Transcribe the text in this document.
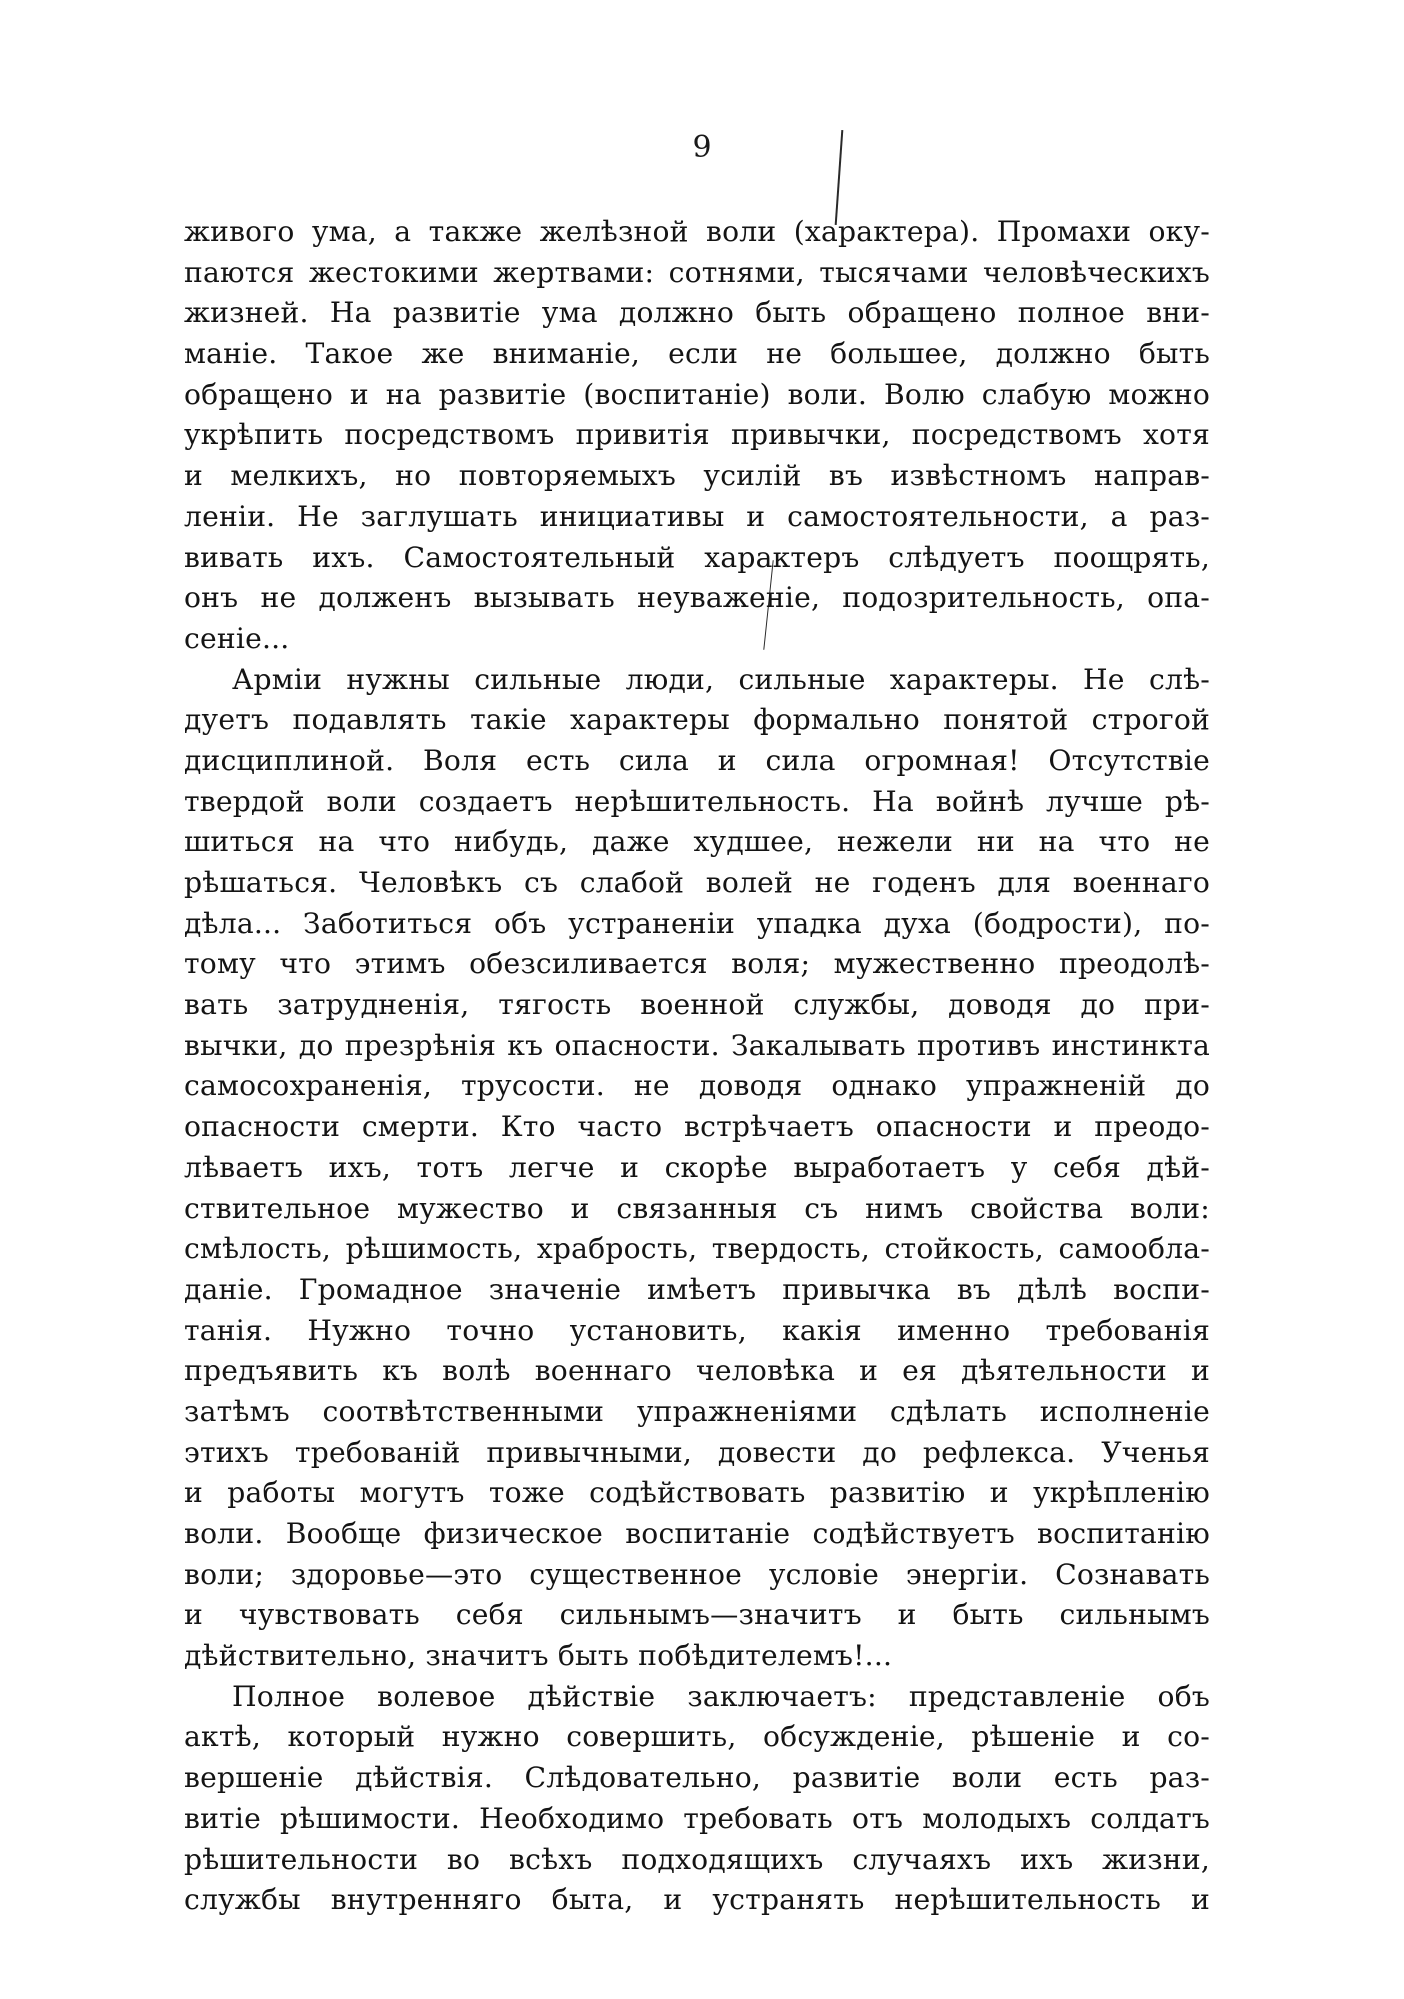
9
живого ума, а также желѣзной воли (характера). Промахи оку-
паются жестокими жертвами: сотнями, тысячами человѣческихъ
жизней. На развитіе ума должно быть обращено полное вни-
маніе. Такое же вниманіе, если не большее, должно быть
обращено и на развитіе (воспитаніе) воли. Волю слабую можно
укрѣпить посредствомъ привитія привычки, посредствомъ хотя
и мелкихъ, но повторяемыхъ усилій въ извѣстномъ направ-
леніи. Не заглушать инициативы и самостоятельности, а раз-
вивать ихъ. Самостоятельный характеръ слѣдуетъ поощрять,
онъ не долженъ вызывать неуваженіе, подозрительность, опа-
сеніе...
Арміи нужны сильные люди, сильные характеры. Не слѣ-
дуетъ подавлять такіе характеры формально понятой строгой
дисциплиной. Воля есть сила и сила огромная! Отсутствіе
твердой воли создаетъ нерѣшительность. На войнѣ лучше рѣ-
шиться на что нибудь, даже худшее, нежели ни на что не
рѣшаться. Человѣкъ съ слабой волей не годенъ для военнаго
дѣла... Заботиться объ устраненіи упадка духа (бодрости), по-
тому что этимъ обезсиливается воля; мужественно преодолѣ-
вать затрудненія, тягость военной службы, доводя до при-
вычки, до презрѣнія къ опасности. Закалывать противъ инстинкта
самосохраненія, трусости. не доводя однако упражненій до
опасности смерти. Кто часто встрѣчаетъ опасности и преодо-
лѣваетъ ихъ, тотъ легче и скорѣе выработаетъ у себя дѣй-
ствительное мужество и связанныя съ нимъ свойства воли:
смѣлость, рѣшимость, храбрость, твердость, стойкость, самообла-
даніе. Громадное значеніе имѣетъ привычка въ дѣлѣ воспи-
танія. Нужно точно установить, какія именно требованія
предъявить къ волѣ военнаго человѣка и ея дѣятельности и
затѣмъ соотвѣтственными упражненіями сдѣлать исполненіе
этихъ требованій привычными, довести до рефлекса. Ученья
и работы могутъ тоже содѣйствовать развитію и укрѣпленію
воли. Вообще физическое воспитаніе содѣйствуетъ воспитанію
воли; здоровье—это существенное условіе энергіи. Сознавать
и чувствовать себя сильнымъ—значитъ и быть сильнымъ
дѣйствительно, значитъ быть побѣдителемъ!...
Полное волевое дѣйствіе заключаетъ: представленіе объ
актѣ, который нужно совершить, обсужденіе, рѣшеніе и со-
вершеніе дѣйствія. Слѣдовательно, развитіе воли есть раз-
витіе рѣшимости. Необходимо требовать отъ молодыхъ солдатъ
рѣшительности во всѣхъ подходящихъ случаяхъ ихъ жизни,
службы внутренняго быта, и устранять нерѣшительность и
